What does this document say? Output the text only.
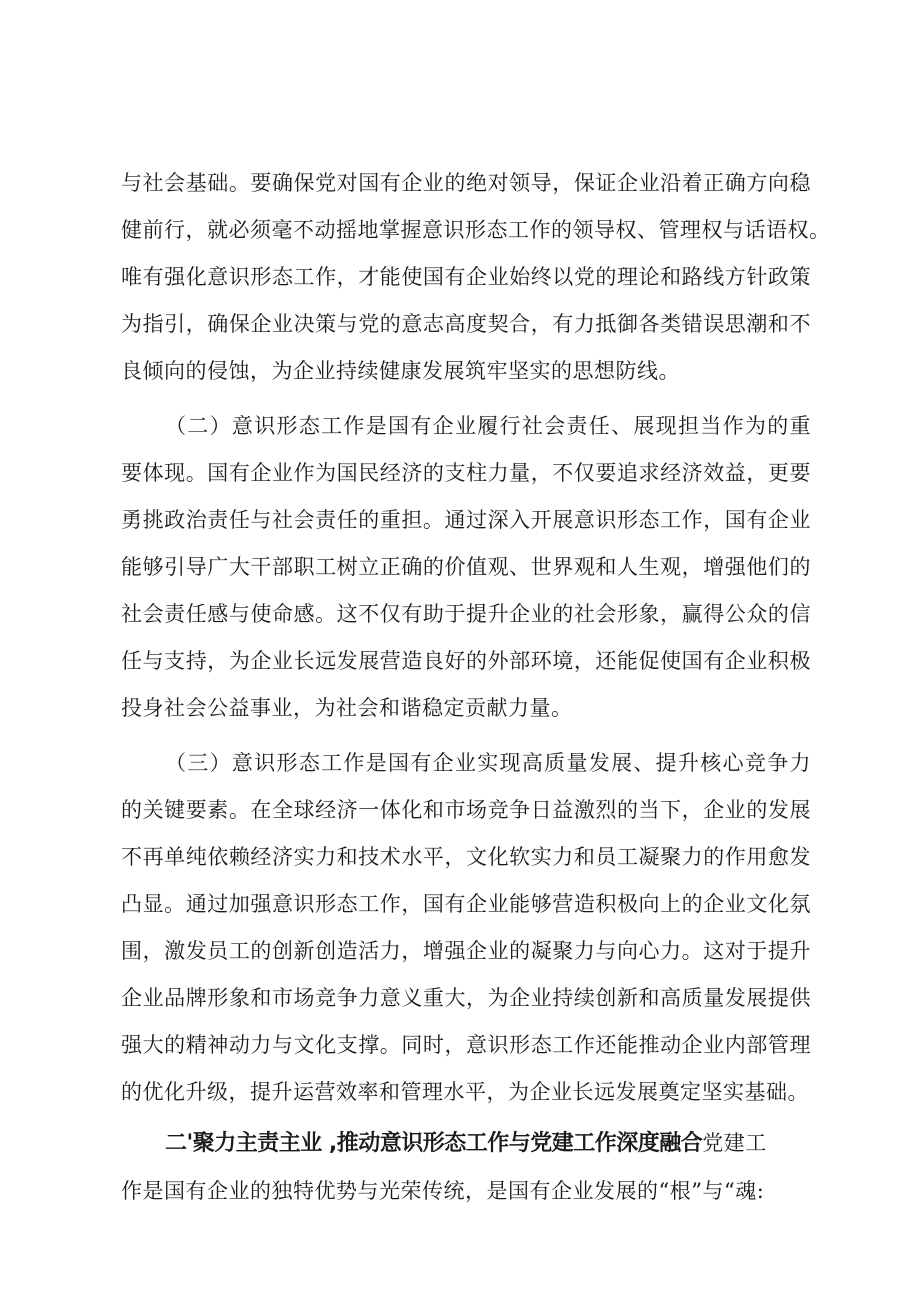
与社会基础。要确保党对国有企业的绝对领导，保证企业沿着正确方向稳
健前行，就必须毫不动摇地掌握意识形态工作的领导权、管理权与话语权。
唯有强化意识形态工作，才能使国有企业始终以党的理论和路线方针政策
为指引，确保企业决策与党的意志高度契合，有力抵御各类错误思潮和不
良倾向的侵蚀，为企业持续健康发展筑牢坚实的思想防线。
（二）意识形态工作是国有企业履行社会责任、展现担当作为的重
要体现。国有企业作为国民经济的支柱力量，不仅要追求经济效益，更要
勇挑政治责任与社会责任的重担。通过深入开展意识形态工作，国有企业
能够引导广大干部职工树立正确的价值观、世界观和人生观，增强他们的
社会责任感与使命感。这不仅有助于提升企业的社会形象，赢得公众的信
任与支持，为企业长远发展营造良好的外部环境，还能促使国有企业积极
投身社会公益事业，为社会和谐稳定贡献力量。
（三）意识形态工作是国有企业实现高质量发展、提升核心竞争力
的关键要素。在全球经济一体化和市场竞争日益激烈的当下，企业的发展
不再单纯依赖经济实力和技术水平，文化软实力和员工凝聚力的作用愈发
凸显。通过加强意识形态工作，国有企业能够营造积极向上的企业文化氛
围，激发员工的创新创造活力，增强企业的凝聚力与向心力。这对于提升
企业品牌形象和市场竞争力意义重大，为企业持续创新和高质量发展提供
强大的精神动力与文化支撑。同时，意识形态工作还能推动企业内部管理
的优化升级，提升运营效率和管理水平，为企业长远发展奠定坚实基础。
二'聚力主责主业 ,推动意识形态工作与党建工作深度融合党建工
作是国有企业的独特优势与光荣传统，是国有企业发展的“根”与“魂:
